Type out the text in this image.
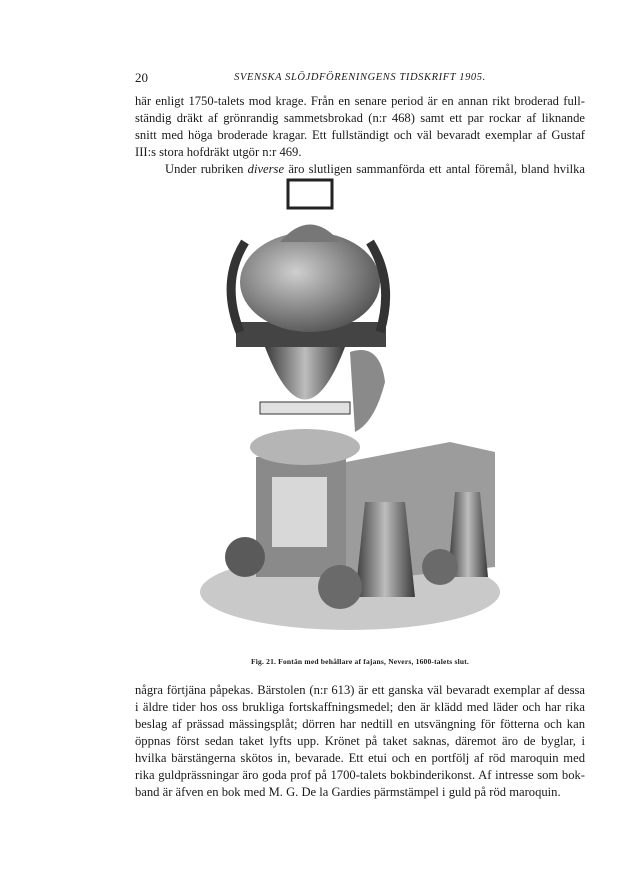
20	SVENSKA SLÖJDFÖRENINGENS TIDSKRIFT 1905.
här enligt 1750-talets mod krage. Från en senare period är en annan rikt broderad full-
ständig dräkt af grönrandig sammetsbrokad (n:r 468) samt ett par rockar af liknande
snitt med höga broderade kragar. Ett fullständigt och väl bevaradt exemplar af Gustaf
III:s stora hofdräkt utgör n:r 469.
Under rubriken diverse äro slutligen sammanförda ett antal föremål, bland hvilka
Fig. 21. Fontän med behållare af fajans, Nevers, 1600-talets slut.
några förtjäna påpekas. Bärstolen (n:r 613) är ett ganska väl bevaradt exemplar af dessa
i äldre tider hos oss brukliga fortskaffningsmedel; den är klädd med läder och har rika
beslag af prässad mässingsplåt; dörren har nedtill en utsvängning för fötterna och kan
öppnas först sedan taket lyfts upp. Krönet på taket saknas, däremot äro de byglar, i
hvilka bärstängerna skötos in, bevarade. Ett etui och en portfölj af röd maroquin med
rika guldprässningar äro goda prof på 1700-talets bokbinderikonst. Af intresse som bok-
band är äfven en bok med M. G. De la Gardies pärmstämpel i guld på röd maroquin.
